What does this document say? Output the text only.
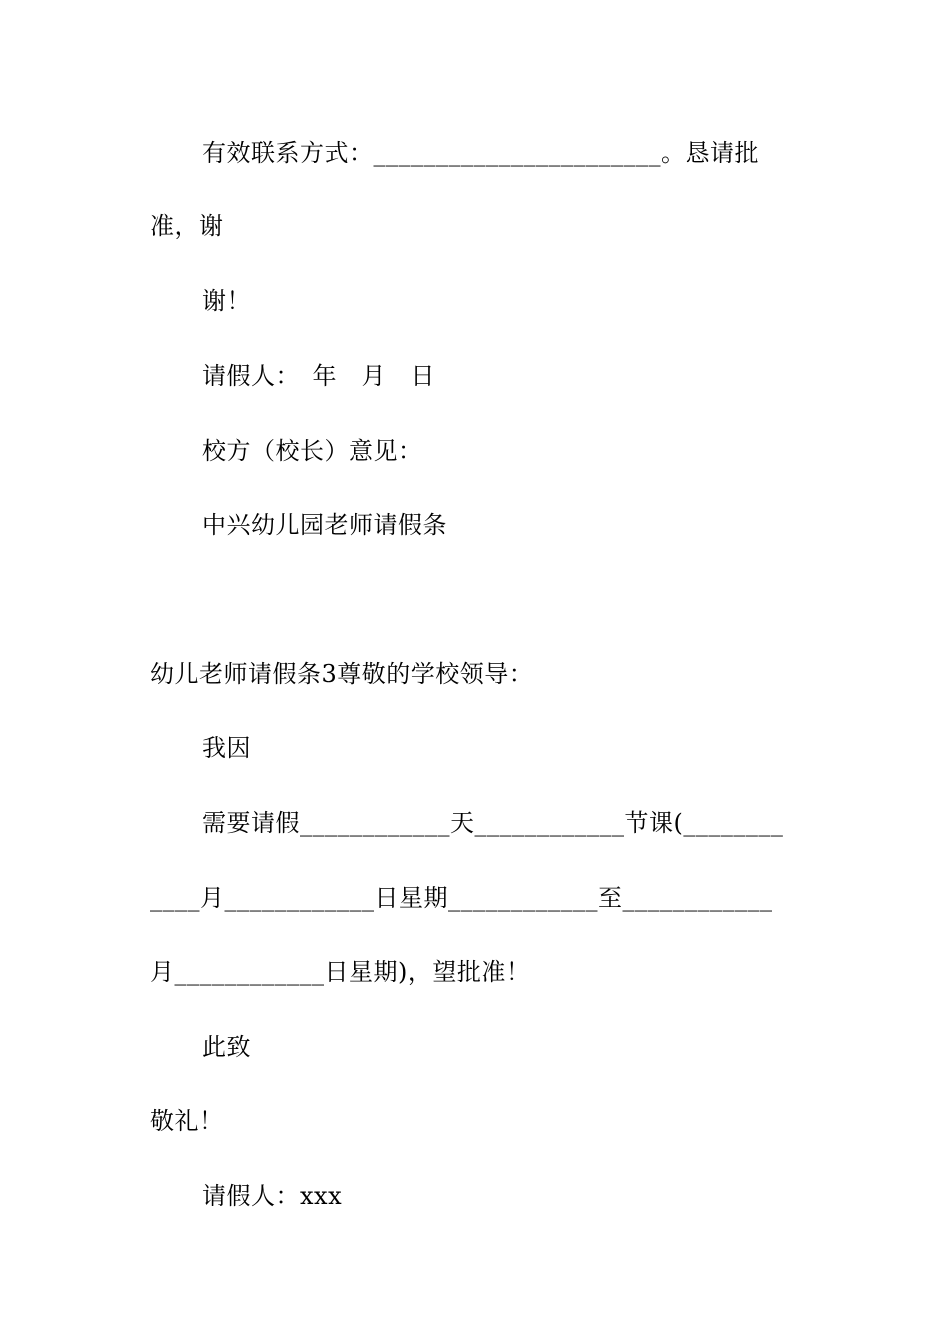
有效联系方式：_______________________。恳请批
准，谢
谢！
请假人：　年　月　日
校方（校长）意见：
中兴幼儿园老师请假条
幼儿老师请假条3尊敬的学校领导：
我因
需要请假____________天____________节课(________
____月____________日星期____________至____________
月____________日星期)，望批准！
此致
敬礼！
请假人：xxx
